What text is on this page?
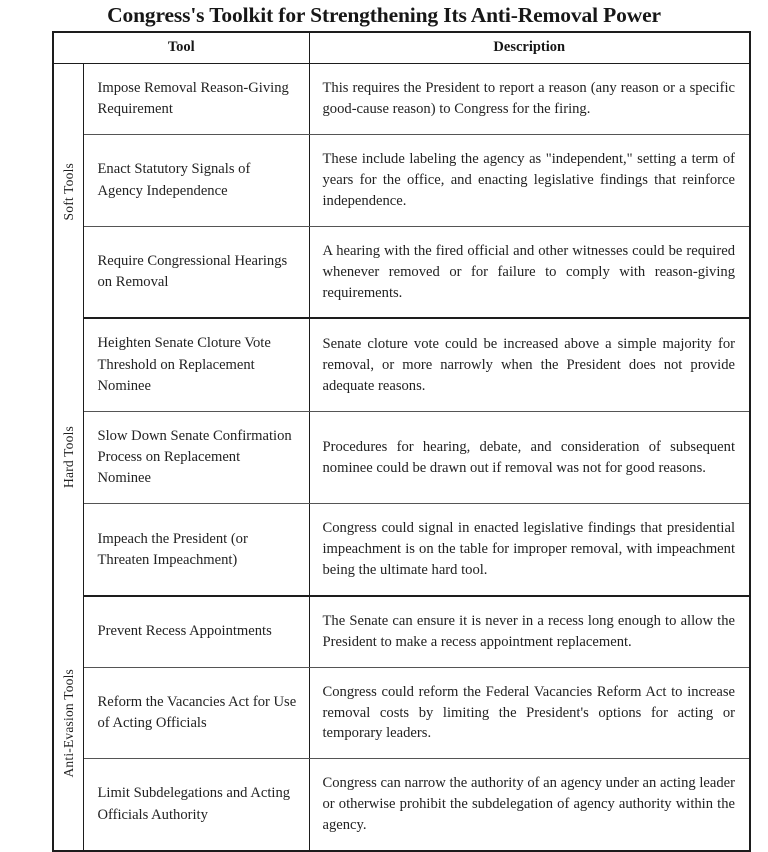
Congress's Toolkit for Strengthening Its Anti-Removal Power
Tool		Description

Soft Tools	Impose Removal Reason-Giving Requirement	This requires the President to report a reason (any reason or a specific good-cause reason) to Congress for the firing.
	Enact Statutory Signals of Agency Independence	These include labeling the agency as "independent," setting a term of years for the office, and enacting legislative findings that reinforce independence.
	Require Congressional Hearings on Removal	A hearing with the fired official and other witnesses could be required whenever removed or for failure to comply with reason-giving requirements.

Hard Tools	Heighten Senate Cloture Vote Threshold on Replacement Nominee	Senate cloture vote could be increased above a simple majority for removal, or more narrowly when the President does not provide adequate reasons.
	Slow Down Senate Confirmation Process on Replacement Nominee	Procedures for hearing, debate, and consideration of subsequent nominee could be drawn out if removal was not for good reasons.
	Impeach the President (or Threaten Impeachment)	Congress could signal in enacted legislative findings that presidential impeachment is on the table for improper removal, with impeachment being the ultimate hard tool.

Anti-Evasion Tools	Prevent Recess Appointments	The Senate can ensure it is never in a recess long enough to allow the President to make a recess appointment replacement.
	Reform the Vacancies Act for Use of Acting Officials	Congress could reform the Federal Vacancies Reform Act to increase removal costs by limiting the President's options for acting or temporary leaders.
	Limit Subdelegations and Acting Officials Authority	Congress can narrow the authority of an agency under an acting leader or otherwise prohibit the subdelegation of agency authority within the agency.
